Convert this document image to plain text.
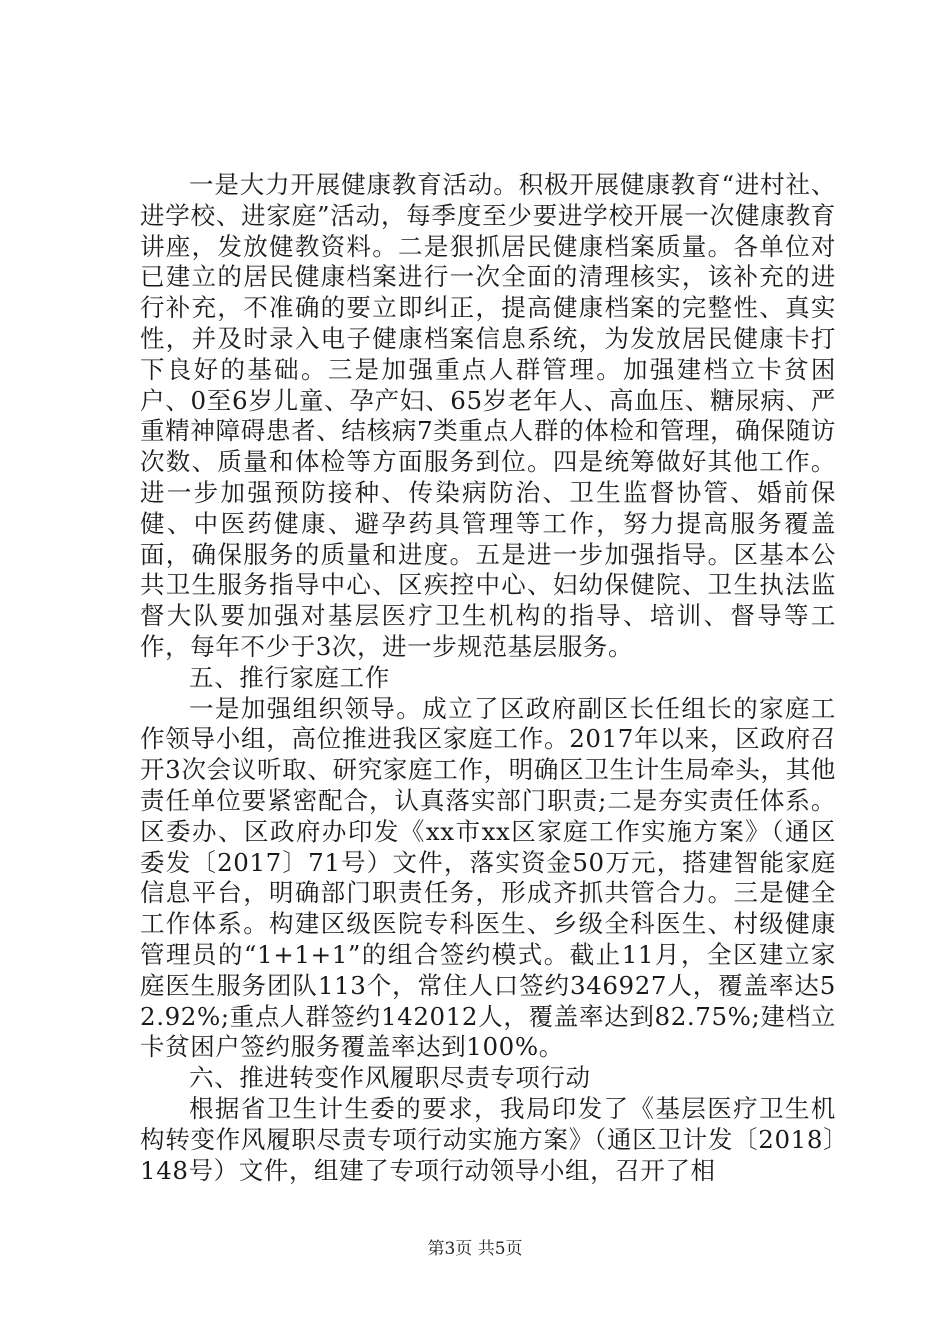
一是大力开展健康教育活动。积极开展健康教育“进村社、进学校、进家庭”活动，每季度至少要进学校开展一次健康教育讲座，发放健教资料。二是狠抓居民健康档案质量。各单位对已建立的居民健康档案进行一次全面的清理核实，该补充的进行补充，不准确的要立即纠正，提高健康档案的完整性、真实性，并及时录入电子健康档案信息系统，为发放居民健康卡打下良好的基础。三是加强重点人群管理。加强建档立卡贫困户、0至6岁儿童、孕产妇、65岁老年人、高血压、糖尿病、严重精神障碍患者、结核病7类重点人群的体检和管理，确保随访次数、质量和体检等方面服务到位。四是统筹做好其他工作。进一步加强预防接种、传染病防治、卫生监督协管、婚前保健、中医药健康、避孕药具管理等工作，努力提高服务覆盖面，确保服务的质量和进度。五是进一步加强指导。区基本公共卫生服务指导中心、区疾控中心、妇幼保健院、卫生执法监督大队要加强对基层医疗卫生机构的指导、培训、督导等工作，每年不少于3次，进一步规范基层服务。

五、推行家庭工作

一是加强组织领导。成立了区政府副区长任组长的家庭工作领导小组，高位推进我区家庭工作。2017年以来，区政府召开3次会议听取、研究家庭工作，明确区卫生计生局牵头，其他责任单位要紧密配合，认真落实部门职责;二是夯实责任体系。区委办、区政府办印发《xx市xx区家庭工作实施方案》（通区委发〔2017〕71号）文件，落实资金50万元，搭建智能家庭信息平台，明确部门职责任务，形成齐抓共管合力。三是健全工作体系。构建区级医院专科医生、乡级全科医生、村级健康管理员的“1+1+1”的组合签约模式。截止11月，全区建立家庭医生服务团队113个，常住人口签约346927人，覆盖率达52.92%;重点人群签约142012人，覆盖率达到82.75%;建档立卡贫困户签约服务覆盖率达到100%。

六、推进转变作风履职尽责专项行动

根据省卫生计生委的要求，我局印发了《基层医疗卫生机构转变作风履职尽责专项行动实施方案》（通区卫计发〔2018〕148号）文件，组建了专项行动领导小组，召开了相

第3页 共5页
